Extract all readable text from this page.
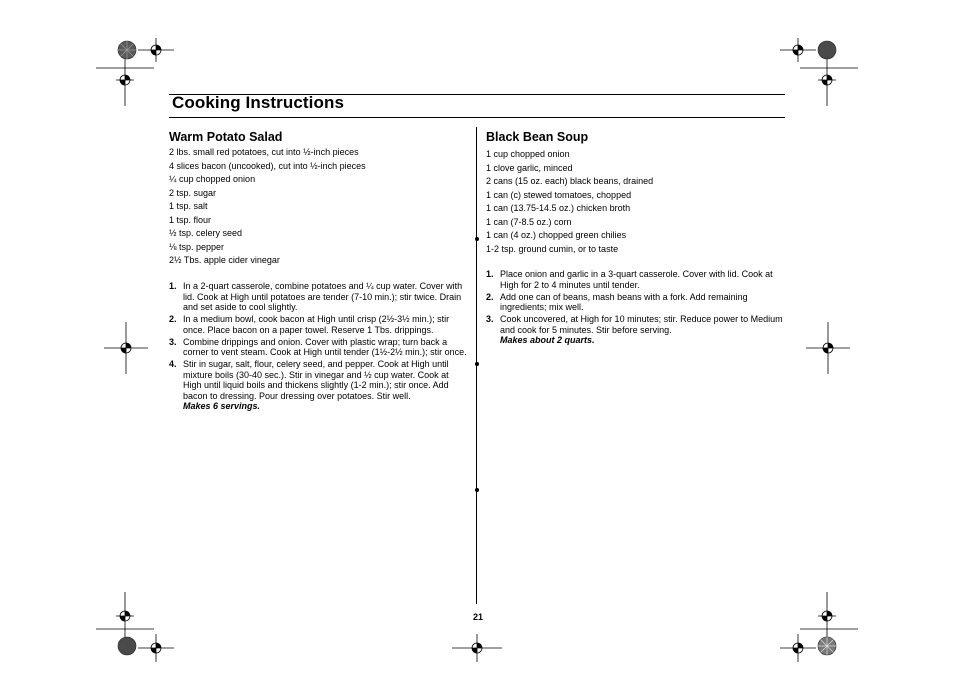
Cooking Instructions
Warm Potato Salad
2 lbs. small red potatoes, cut into ½-inch pieces
4 slices bacon (uncooked), cut into ½-inch pieces
¼ cup chopped onion
2 tsp. sugar
1 tsp. salt
1 tsp. flour
½ tsp. celery seed
⅛ tsp. pepper
2½ Tbs. apple cider vinegar
1. In a 2-quart casserole, combine potatoes and ¼ cup water. Cover with lid. Cook at High until potatoes are tender (7-10 min.); stir twice. Drain and set aside to cool slightly.
2. In a medium bowl, cook bacon at High until crisp (2½-3½ min.); stir once. Place bacon on a paper towel. Reserve 1 Tbs. drippings.
3. Combine drippings and onion. Cover with plastic wrap; turn back a corner to vent steam. Cook at High until tender (1½-2½ min.); stir once.
4. Stir in sugar, salt, flour, celery seed, and pepper. Cook at High until mixture boils (30-40 sec.). Stir in vinegar and ½ cup water. Cook at High until liquid boils and thickens slightly (1-2 min.); stir once. Add bacon to dressing. Pour dressing over potatoes. Stir well.
Makes 6 servings.
Black Bean Soup
1 cup chopped onion
1 clove garlic, minced
2 cans (15 oz. each) black beans, drained
1 can (c) stewed tomatoes, chopped
1 can (13.75-14.5 oz.) chicken broth
1 can (7-8.5 oz.) corn
1 can (4 oz.) chopped green chilies
1-2 tsp. ground cumin, or to taste
1. Place onion and garlic in a 3-quart casserole. Cover with lid. Cook at High for 2 to 4 minutes until tender.
2. Add one can of beans, mash beans with a fork. Add remaining ingredients; mix well.
3. Cook uncovered, at High for 10 minutes; stir. Reduce power to Medium and cook for 5 minutes. Stir before serving.
Makes about 2 quarts.
21
